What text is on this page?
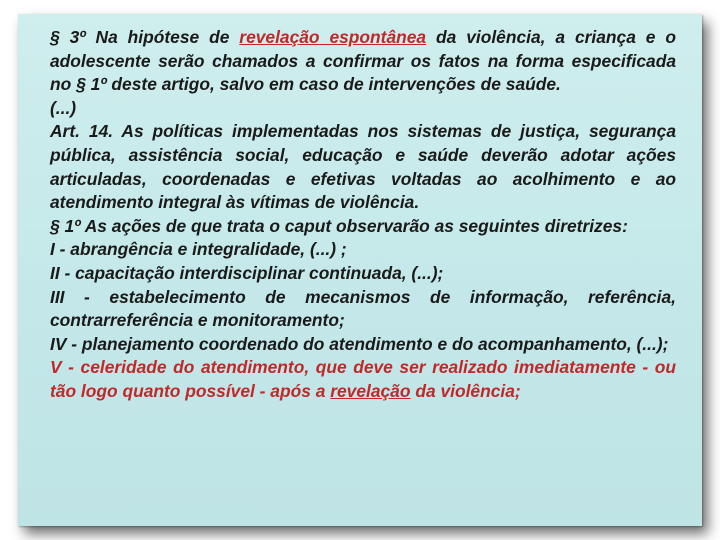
§ 3º Na hipótese de revelação espontânea da violência, a criança e o adolescente serão chamados a confirmar os fatos na forma especificada no § 1º deste artigo, salvo em caso de intervenções de saúde.

(...)

Art. 14. As políticas implementadas nos sistemas de justiça, segurança pública, assistência social, educação e saúde deverão adotar ações articuladas, coordenadas e efetivas voltadas ao acolhimento e ao atendimento integral às vítimas de violência.

§ 1º As ações de que trata o caput observarão as seguintes diretrizes:

I - abrangência e integralidade, (...) ;

II - capacitação interdisciplinar continuada, (...);

III - estabelecimento de mecanismos de informação, referência, contrarreferência e monitoramento;

IV - planejamento coordenado do atendimento e do acompanhamento, (...);

V - celeridade do atendimento, que deve ser realizado imediatamente - ou tão logo quanto possível - após a revelação da violência;
